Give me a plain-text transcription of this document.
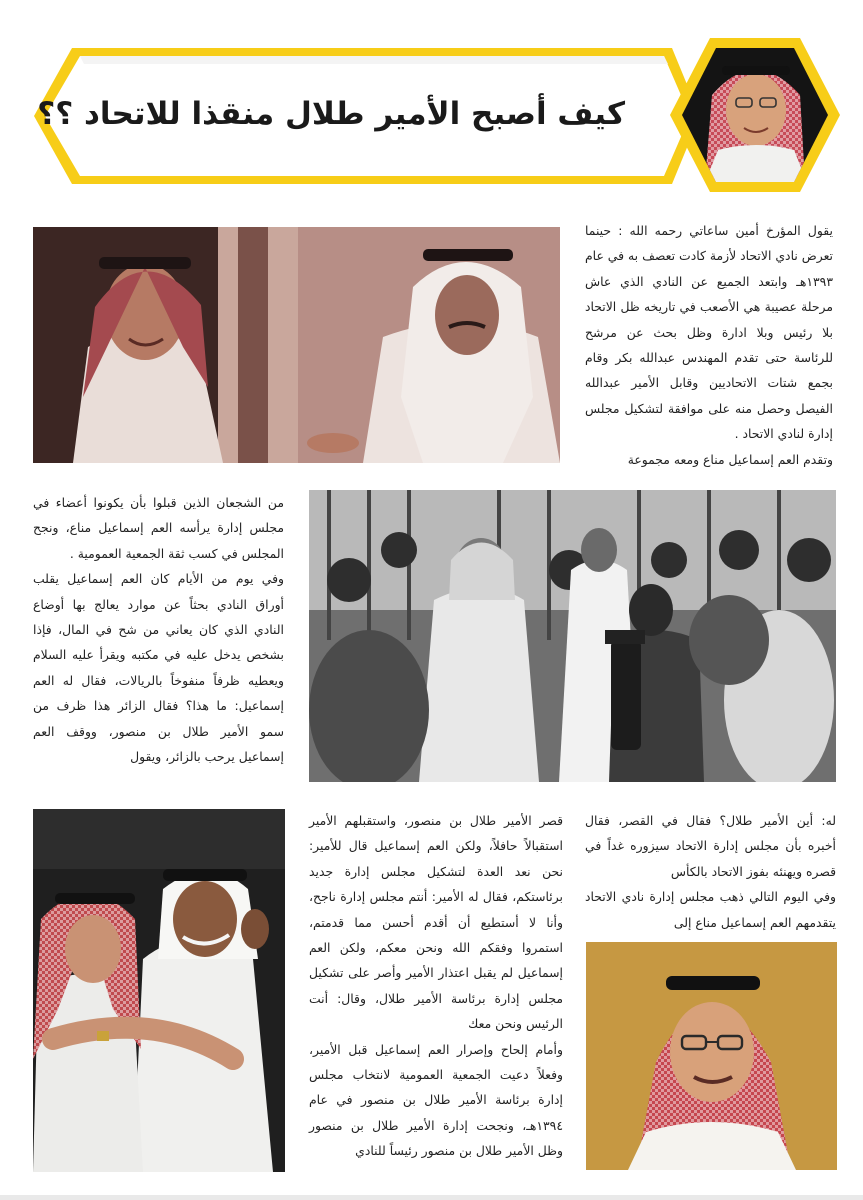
كيف أصبح الأمير طلال منقذا للاتحاد ؟؟

يقول المؤرخ أمين ساعاتي رحمه الله : حينما تعرض نادي الاتحاد لأزمة كادت تعصف به في عام ١٣٩٣هـ وابتعد الجميع عن النادي الذي عاش مرحلة عصيبة هي الأصعب في تاريخه ظل الاتحاد بلا رئيس وبلا ادارة وظل بحث عن مرشح للرئاسة حتى تقدم المهندس عبدالله بكر وقام بجمع شتات الاتحاديين وقابل الأمير عبدالله الفيصل وحصل منه على موافقة لتشكيل مجلس إدارة لنادي الاتحاد .

وتقدم العم إسماعيل مناع ومعه مجموعة

من الشجعان الذين قبلوا بأن يكونوا أعضاء في مجلس إدارة يرأسه العم إسماعيل مناع، ونجح المجلس في كسب ثقة الجمعية العمومية .

وفي يوم من الأيام كان العم إسماعيل يقلب أوراق النادي بحثاً عن موارد يعالج بها أوضاع النادي الذي كان يعاني من شح في المال، فإذا بشخص يدخل عليه في مكتبه ويقرأ عليه السلام ويعطيه ظرفاً منفوخاً بالريالات، فقال له العم إسماعيل: ما هذا؟ فقال الزائر هذا ظرف من سمو الأمير طلال بن منصور، ووقف العم إسماعيل يرحب بالزائر، ويقول

قصر الأمير طلال بن منصور، واستقبلهم الأمير استقبالاً حافلاً، ولكن العم إسماعيل قال للأمير: نحن نعد العدة لتشكيل مجلس إدارة جديد برئاستكم، فقال له الأمير: أنتم مجلس إدارة ناجح، وأنا لا أستطيع أن أقدم أحسن مما قدمتم، استمروا وفقكم الله ونحن معكم، ولكن العم إسماعيل لم يقبل اعتذار الأمير وأصر على تشكيل مجلس إدارة برئاسة الأمير طلال، وقال: أنت الرئيس ونحن معك

وأمام إلحاح وإصرار العم إسماعيل قبل الأمير، وفعلاً دعيت الجمعية العمومية لانتخاب مجلس إدارة برئاسة الأمير طلال بن منصور في عام ١٣٩٤هـ، ونجحت إدارة الأمير طلال بن منصور وظل الأمير طلال بن منصور رئيساً للنادي

له: أين الأمير طلال؟ فقال في القصر، فقال أخبره بأن مجلس إدارة الاتحاد سيزوره غداً في قصره ويهنئه بفوز الاتحاد بالكأس

وفي اليوم التالي ذهب مجلس إدارة نادي الاتحاد يتقدمهم العم إسماعيل مناع إلى
